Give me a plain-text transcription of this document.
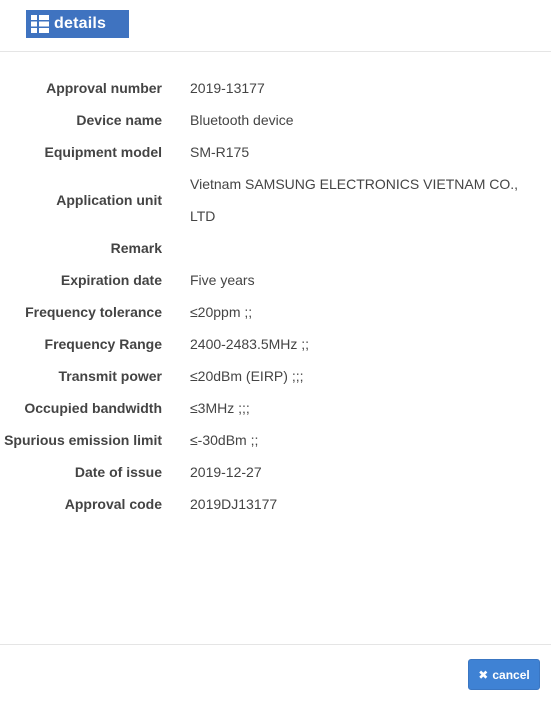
details
Approval number 2019-13177
Device name Bluetooth device
Equipment model SM-R175
Application unit
Vietnam SAMSUNG ELECTRONICS VIETNAM CO., LTD
Remark
Expiration date Five years
Frequency tolerance ≤20ppm ;;
Frequency Range 2400-2483.5MHz ;;
Transmit power ≤20dBm (EIRP) ;;;
Occupied bandwidth ≤3MHz ;;;
Spurious emission limit ≤-30dBm ;;
Date of issue 2019-12-27
Approval code 2019DJ13177
✖ cancel
